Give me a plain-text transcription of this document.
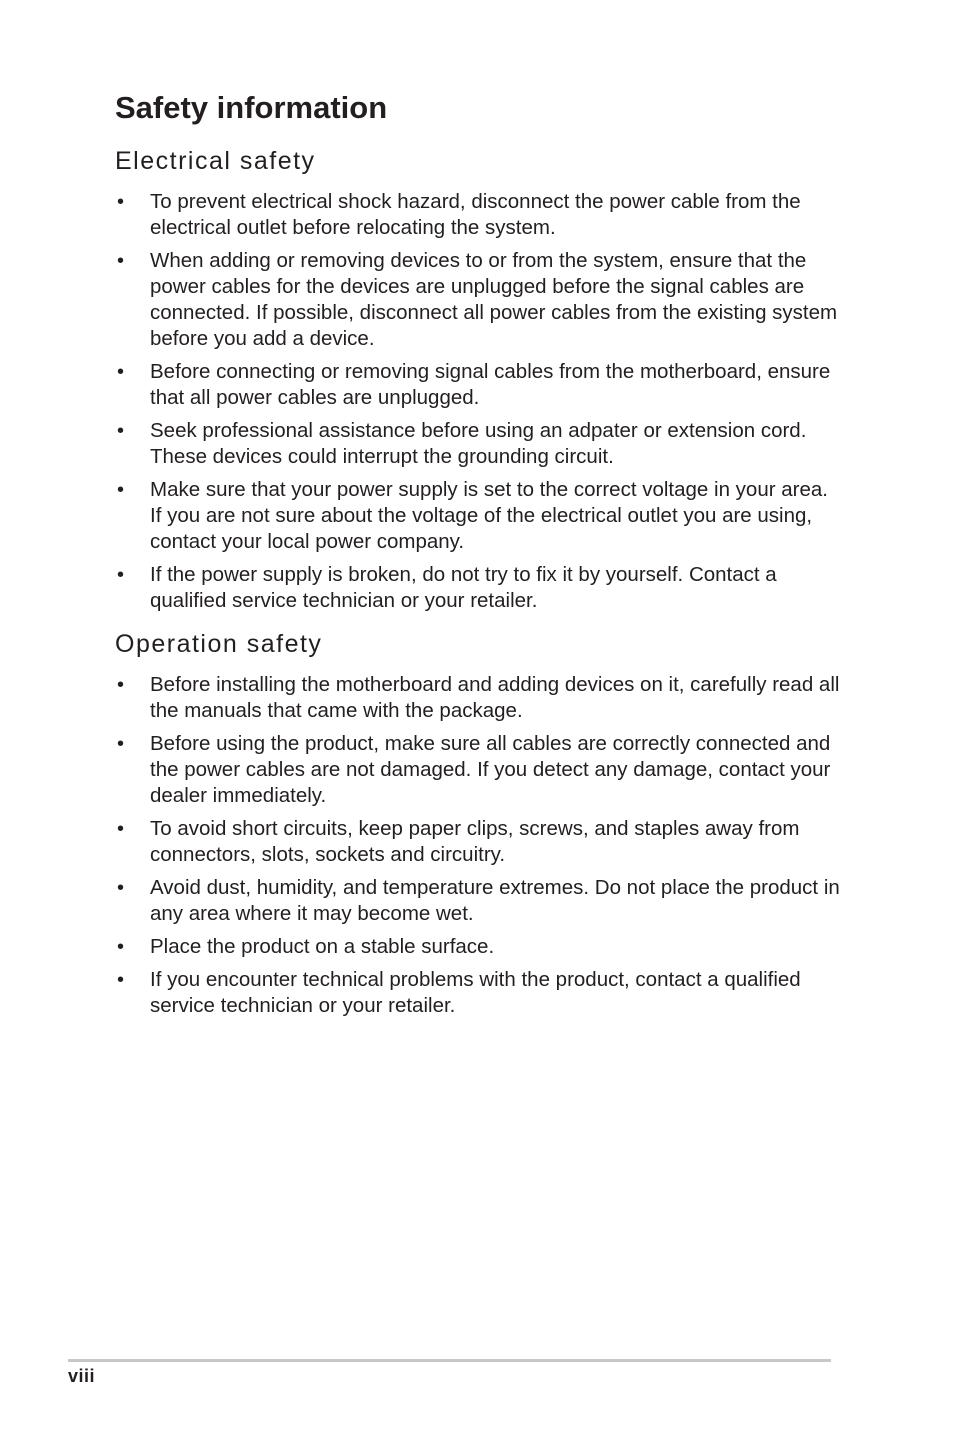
Safety information
Electrical safety
• To prevent electrical shock hazard, disconnect the power cable from the electrical outlet before relocating the system.
• When adding or removing devices to or from the system, ensure that the power cables for the devices are unplugged before the signal cables are connected. If possible, disconnect all power cables from the existing system before you add a device.
• Before connecting or removing signal cables from the motherboard, ensure that all power cables are unplugged.
• Seek professional assistance before using an adpater or extension cord. These devices could interrupt the grounding circuit.
• Make sure that your power supply is set to the correct voltage in your area. If you are not sure about the voltage of the electrical outlet you are using, contact your local power company.
• If the power supply is broken, do not try to fix it by yourself. Contact a qualified service technician or your retailer.
Operation safety
• Before installing the motherboard and adding devices on it, carefully read all the manuals that came with the package.
• Before using the product, make sure all cables are correctly connected and the power cables are not damaged. If you detect any damage, contact your dealer immediately.
• To avoid short circuits, keep paper clips, screws, and staples away from connectors, slots, sockets and circuitry.
• Avoid dust, humidity, and temperature extremes. Do not place the product in any area where it may become wet.
• Place the product on a stable surface.
• If you encounter technical problems with the product, contact a qualified service technician or your retailer.
viii
